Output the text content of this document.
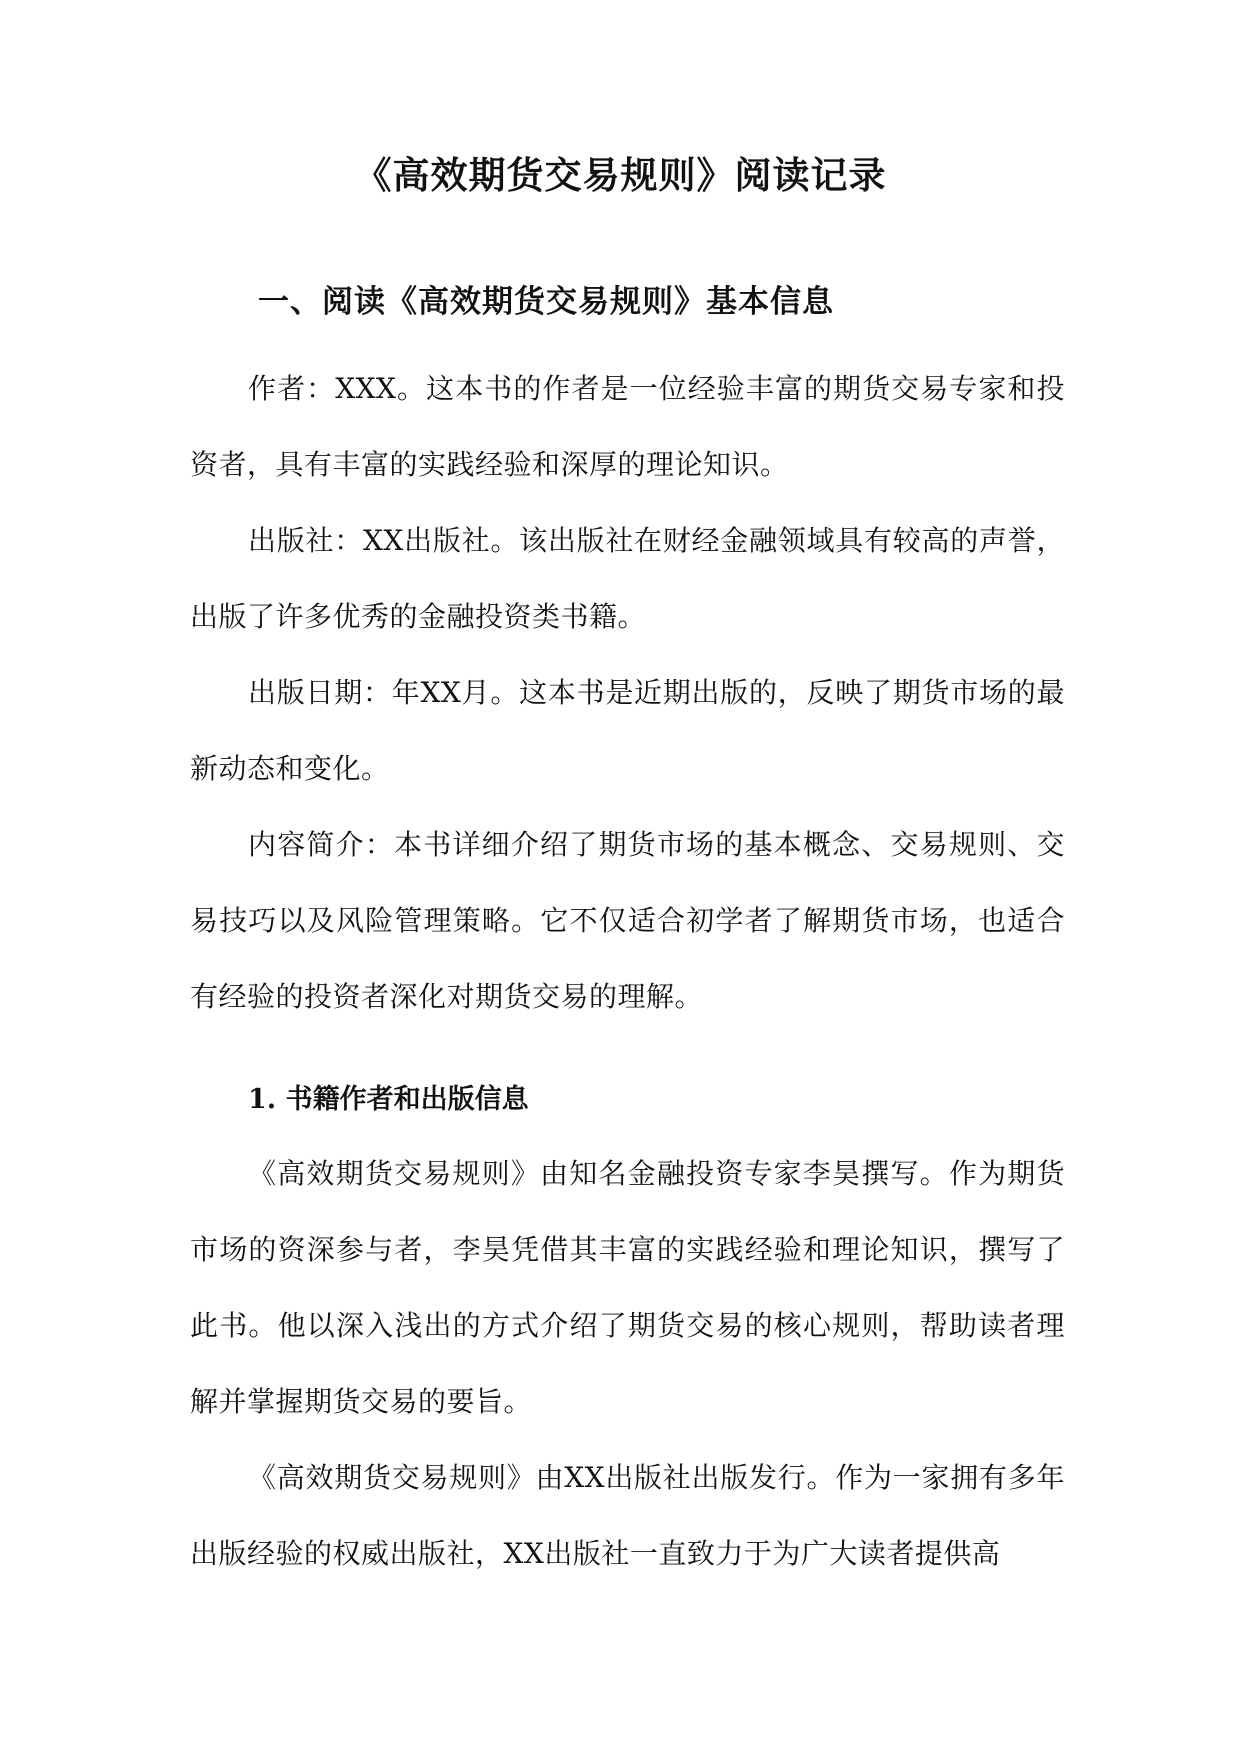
《高效期货交易规则》阅读记录
一、阅读《高效期货交易规则》基本信息

作者：XXX。这本书的作者是一位经验丰富的期货交易专家和投资者，具有丰富的实践经验和深厚的理论知识。

出版社：XX出版社。该出版社在财经金融领域具有较高的声誉，出版了许多优秀的金融投资类书籍。

出版日期：年XX月。这本书是近期出版的，反映了期货市场的最新动态和变化。

内容简介：本书详细介绍了期货市场的基本概念、交易规则、交易技巧以及风险管理策略。它不仅适合初学者了解期货市场，也适合有经验的投资者深化对期货交易的理解。

1. 书籍作者和出版信息

《高效期货交易规则》由知名金融投资专家李昊撰写。作为期货市场的资深参与者，李昊凭借其丰富的实践经验和理论知识，撰写了此书。他以深入浅出的方式介绍了期货交易的核心规则，帮助读者理解并掌握期货交易的要旨。

《高效期货交易规则》由XX出版社出版发行。作为一家拥有多年出版经验的权威出版社，XX出版社一直致力于为广大读者提供高
